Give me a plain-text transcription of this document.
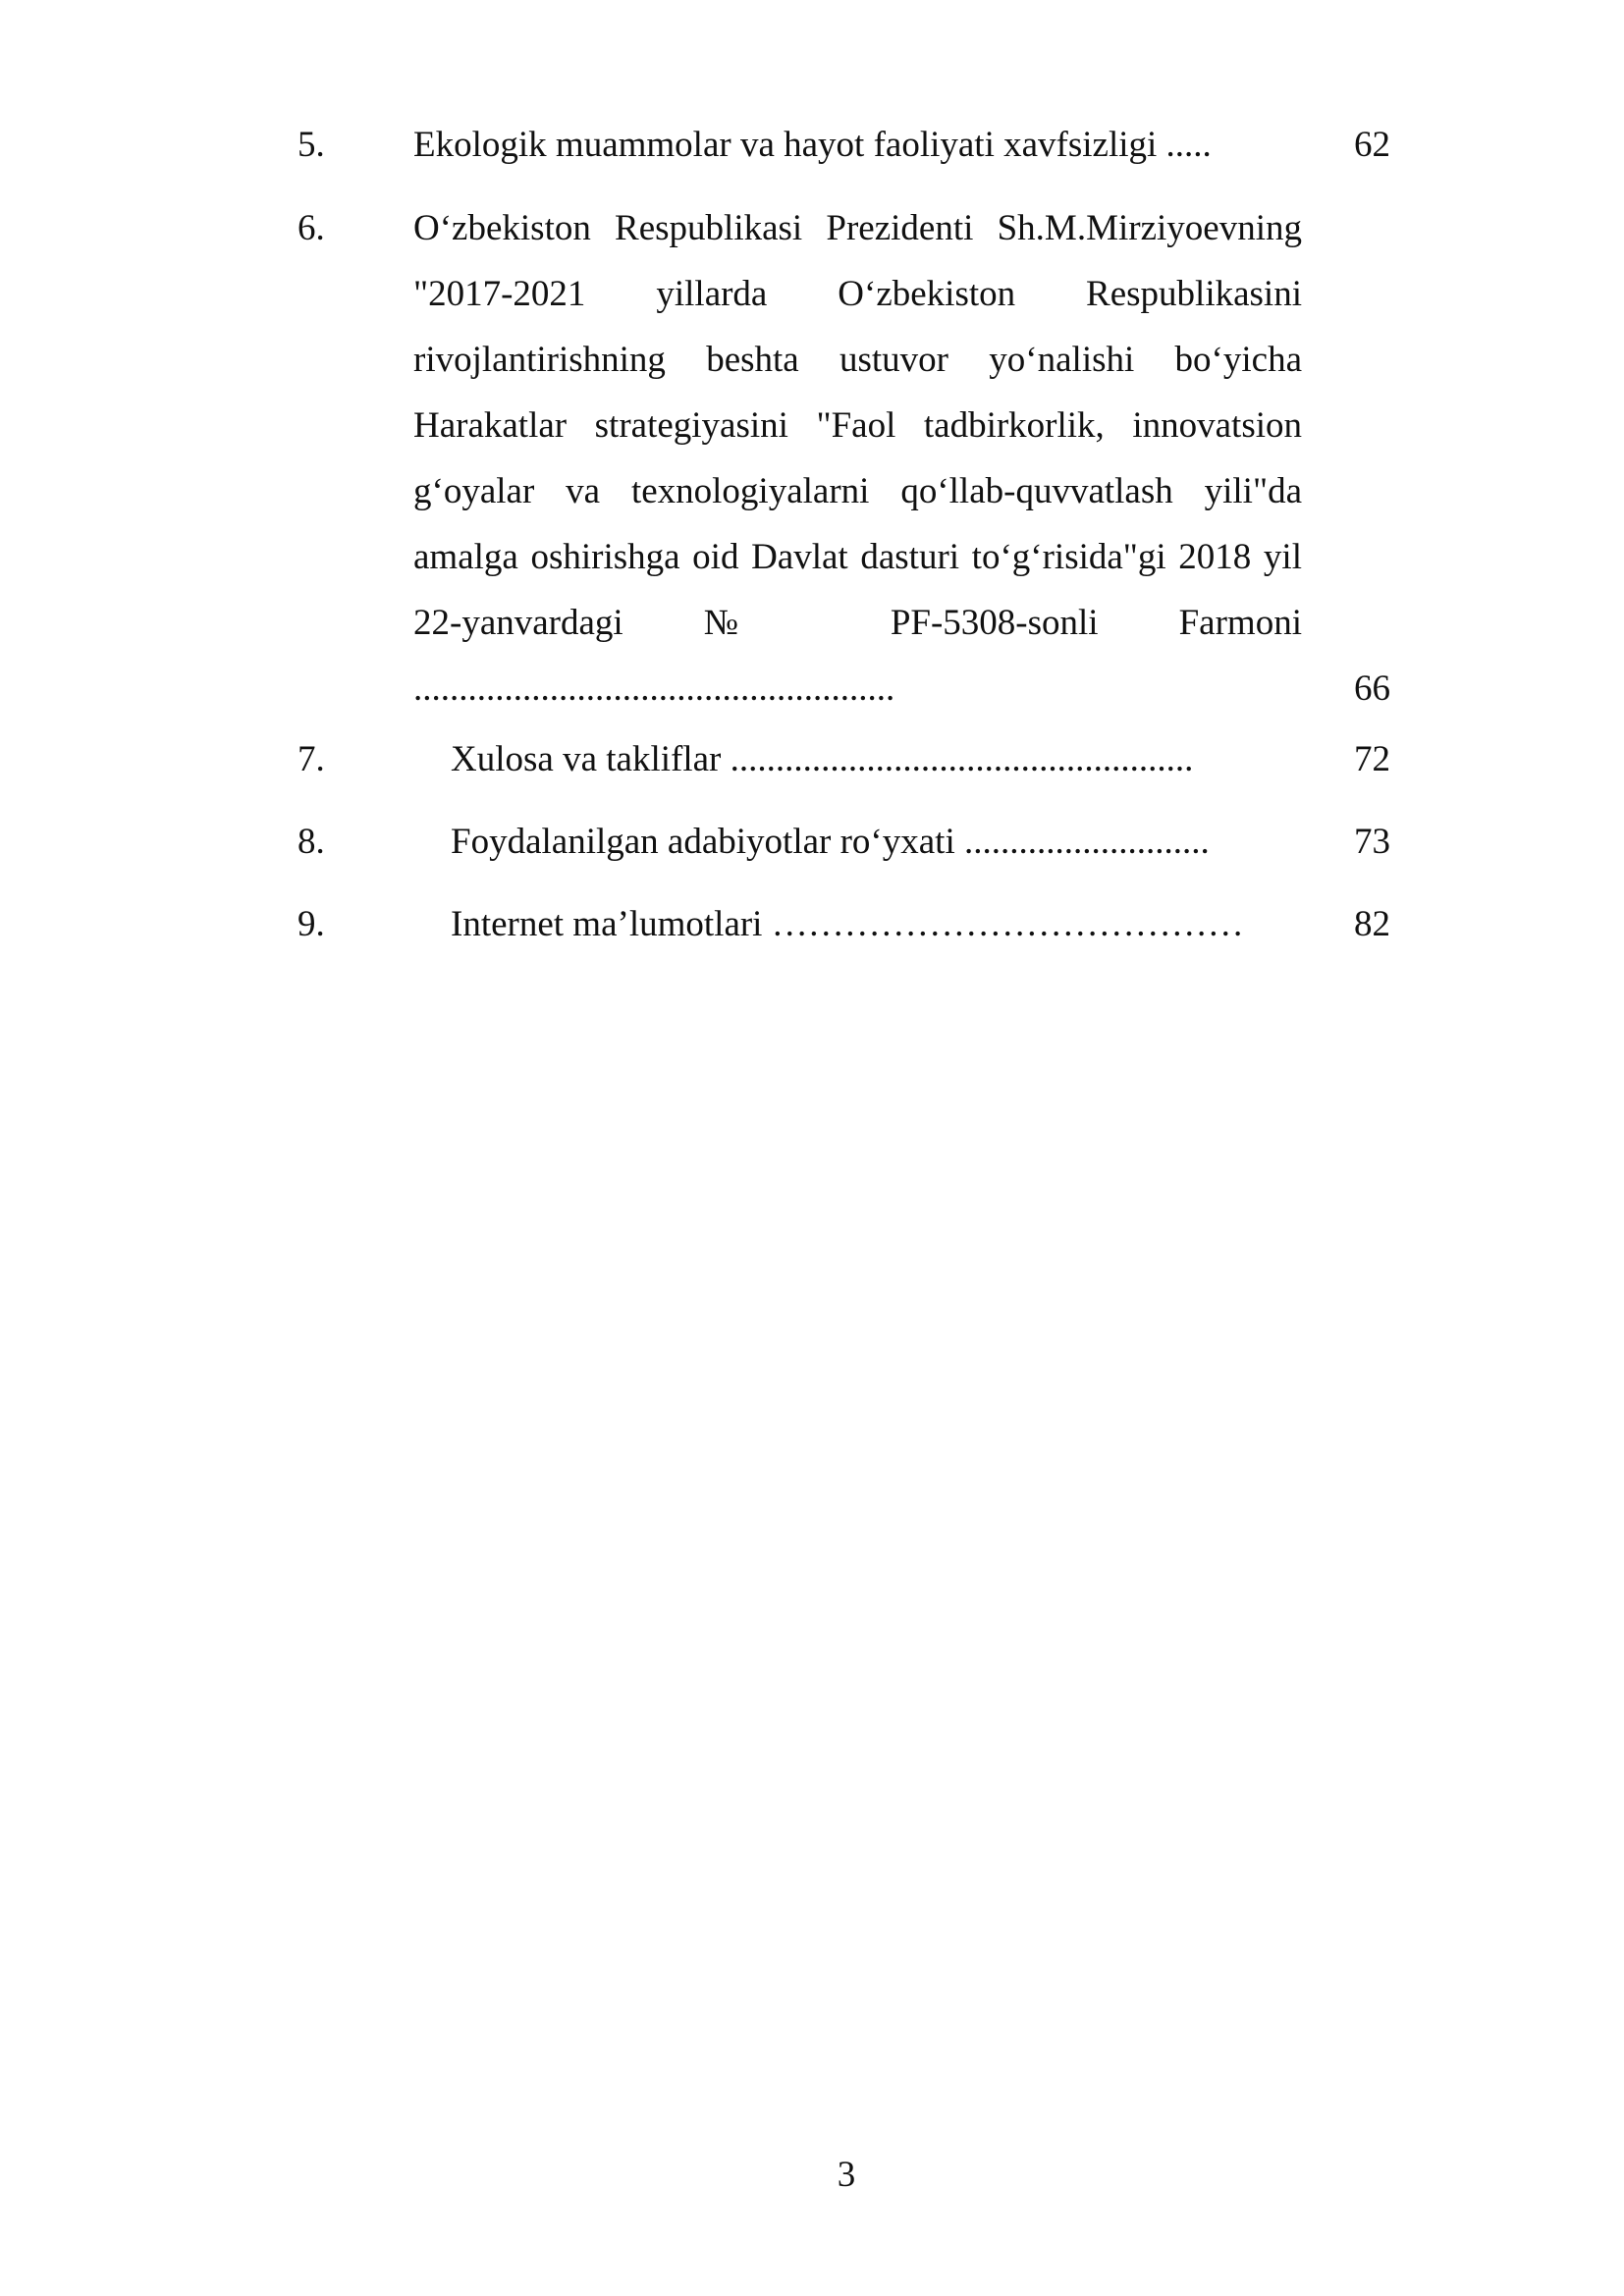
5. Ekologik muammolar va hayot faoliyati xavfsizligi .....	62
6. O‘zbekiston Respublikasi Prezidenti Sh.M.Mirziyoevning "2017-2021 yillarda O‘zbekiston Respublikasini rivojlantirishning beshta ustuvor yo‘nalishi bo‘yicha Harakatlar strategiyasini "Faol tadbirkorlik, innovatsion g‘oyalar va texnologiyalarni qo‘llab-quvvatlash yili"da amalga oshirishga oid Davlat dasturi to‘g‘risida"gi 2018 yil 22-yanvardagi № PF-5308-sonli Farmoni .....................................................	66
7.	Xulosa va takliflar ...................................................	72
8.	Foydalanilgan adabiyotlar ro‘yxati ...........................	73
9.	Internet ma’lumotlari …………………………………	82
3
